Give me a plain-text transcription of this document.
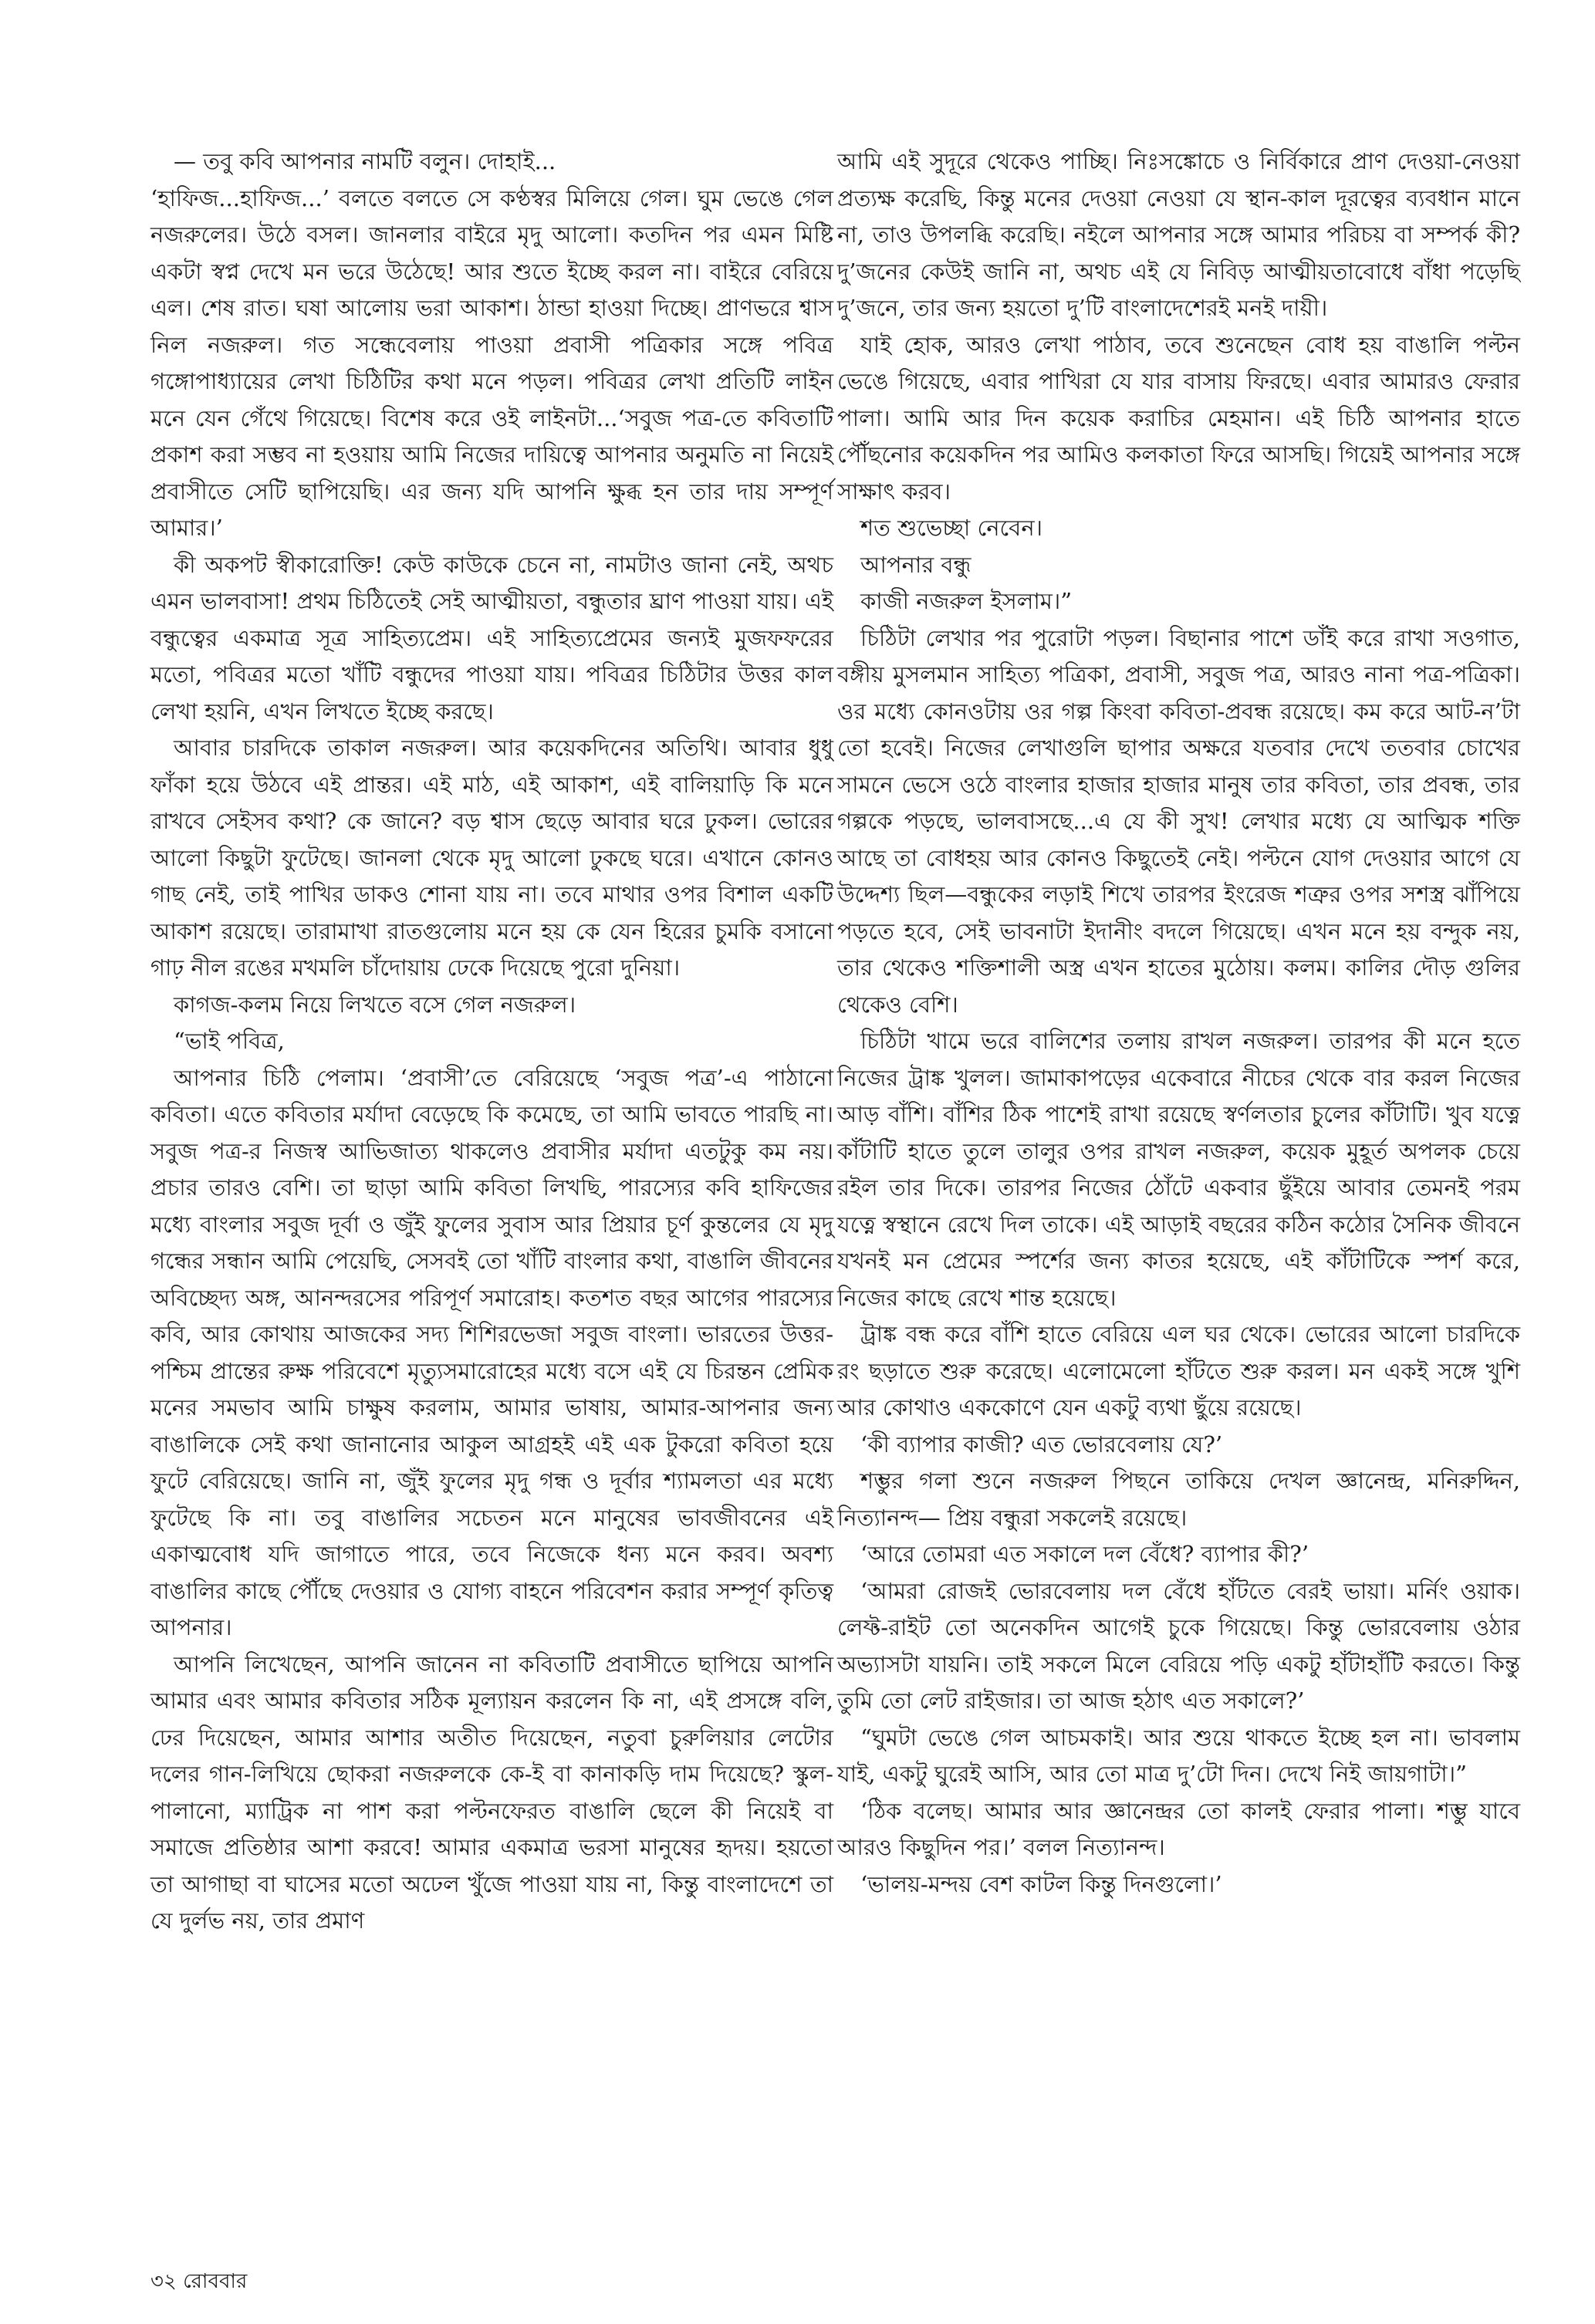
— তবু কবি আপনার নামটি বলুন। দোহাই...

‘হাফিজ...হাফিজ...’ বলতে বলতে সে কণ্ঠস্বর মিলিয়ে গেল। ঘুম ভেঙে গেল নজরুলের। উঠে বসল। জানলার বাইরে মৃদু আলো। কতদিন পর এমন মিষ্টি একটা স্বপ্ন দেখে মন ভরে উঠেছে! আর শুতে ইচ্ছে করল না। বাইরে বেরিয়ে এল। শেষ রাত। ঘষা আলোয় ভরা আকাশ। ঠান্ডা হাওয়া দিচ্ছে। প্রাণভরে শ্বাস নিল নজরুল। গত সন্ধেবেলায় পাওয়া প্রবাসী পত্রিকার সঙ্গে পবিত্র গঙ্গোপাধ্যায়ের লেখা চিঠিটির কথা মনে পড়ল। পবিত্রর লেখা প্রতিটি লাইন মনে যেন গেঁথে গিয়েছে। বিশেষ করে ওই লাইনটা...‘সবুজ পত্র-তে কবিতাটি প্রকাশ করা সম্ভব না হওয়ায় আমি নিজের দায়িত্বে আপনার অনুমতি না নিয়েই প্রবাসীতে সেটি ছাপিয়েছি। এর জন্য যদি আপনি ক্ষুব্ধ হন তার দায় সম্পূর্ণ আমার।’

কী অকপট স্বীকারোক্তি! কেউ কাউকে চেনে না, নামটাও জানা নেই, অথচ এমন ভালবাসা! প্রথম চিঠিতেই সেই আত্মীয়তা, বন্ধুতার ঘ্রাণ পাওয়া যায়। এই বন্ধুত্বের একমাত্র সূত্র সাহিত্যপ্রেম। এই সাহিত্যপ্রেমের জন্যই মুজফফরের মতো, পবিত্রর মতো খাঁটি বন্ধুদের পাওয়া যায়। পবিত্রর চিঠিটার উত্তর কাল লেখা হয়নি, এখন লিখতে ইচ্ছে করছে।

আবার চারদিকে তাকাল নজরুল। আর কয়েকদিনের অতিথি। আবার ধুধু ফাঁকা হয়ে উঠবে এই প্রান্তর। এই মাঠ, এই আকাশ, এই বালিয়াড়ি কি মনে রাখবে সেইসব কথা? কে জানে? বড় শ্বাস ছেড়ে আবার ঘরে ঢুকল। ভোরের আলো কিছুটা ফুটেছে। জানলা থেকে মৃদু আলো ঢুকছে ঘরে। এখানে কোনও গাছ নেই, তাই পাখির ডাকও শোনা যায় না। তবে মাথার ওপর বিশাল একটি আকাশ রয়েছে। তারামাখা রাতগুলোয় মনে হয় কে যেন হিরের চুমকি বসানো গাঢ় নীল রঙের মখমলি চাঁদোয়ায় ঢেকে দিয়েছে পুরো দুনিয়া।

কাগজ-কলম নিয়ে লিখতে বসে গেল নজরুল।

“ভাই পবিত্র,

আপনার চিঠি পেলাম। ‘প্রবাসী’তে বেরিয়েছে ‘সবুজ পত্র’-এ পাঠানো কবিতা। এতে কবিতার মর্যাদা বেড়েছে কি কমেছে, তা আমি ভাবতে পারছি না। সবুজ পত্র-র নিজস্ব আভিজাত্য থাকলেও প্রবাসীর মর্যাদা এতটুকু কম নয়। প্রচার তারও বেশি। তা ছাড়া আমি কবিতা লিখছি, পারস্যের কবি হাফিজের মধ্যে বাংলার সবুজ দূর্বা ও জুঁই ফুলের সুবাস আর প্রিয়ার চূর্ণ কুন্তলের যে মৃদু গন্ধের সন্ধান আমি পেয়েছি, সেসবই তো খাঁটি বাংলার কথা, বাঙালি জীবনের অবিচ্ছেদ্য অঙ্গ, আনন্দরসের পরিপূর্ণ সমারোহ। কতশত বছর আগের পারস্যের কবি, আর কোথায় আজকের সদ্য শিশিরভেজা সবুজ বাংলা। ভারতের উত্তর-পশ্চিম প্রান্তের রুক্ষ পরিবেশে মৃত্যুসমারোহের মধ্যে বসে এই যে চিরন্তন প্রেমিক মনের সমভাব আমি চাক্ষুষ করলাম, আমার ভাষায়, আমার-আপনার জন্য বাঙালিকে সেই কথা জানানোর আকুল আগ্রহই এই এক টুকরো কবিতা হয়ে ফুটে বেরিয়েছে। জানি না, জুঁই ফুলের মৃদু গন্ধ ও দূর্বার শ্যামলতা এর মধ্যে ফুটেছে কি না। তবু বাঙালির সচেতন মনে মানুষের ভাবজীবনের এই একাত্মবোধ যদি জাগাতে পারে, তবে নিজেকে ধন্য মনে করব। অবশ্য বাঙালির কাছে পৌঁছে দেওয়ার ও যোগ্য বাহনে পরিবেশন করার সম্পূর্ণ কৃতিত্ব আপনার।

আপনি লিখেছেন, আপনি জানেন না কবিতাটি প্রবাসীতে ছাপিয়ে আপনি আমার এবং আমার কবিতার সঠিক মূল্যায়ন করলেন কি না, এই প্রসঙ্গে বলি, ঢের দিয়েছেন, আমার আশার অতীত দিয়েছেন, নতুবা চুরুলিয়ার লেটোর দলের গান-লিখিয়ে ছোকরা নজরুলকে কে-ই বা কানাকড়ি দাম দিয়েছে? স্কুল-পালানো, ম্যাট্রিক না পাশ করা পল্টনফেরত বাঙালি ছেলে কী নিয়েই বা সমাজে প্রতিষ্ঠার আশা করবে! আমার একমাত্র ভরসা মানুষের হৃদয়। হয়তো তা আগাছা বা ঘাসের মতো অঢেল খুঁজে পাওয়া যায় না, কিন্তু বাংলাদেশে তা যে দুর্লভ নয়, তার প্রমাণ

আমি এই সুদূরে থেকেও পাচ্ছি। নিঃসঙ্কোচে ও নির্বিকারে প্রাণ দেওয়া-নেওয়া প্রত্যক্ষ করেছি, কিন্তু মনের দেওয়া নেওয়া যে স্থান-কাল দূরত্বের ব্যবধান মানে না, তাও উপলব্ধি করেছি। নইলে আপনার সঙ্গে আমার পরিচয় বা সম্পর্ক কী? দু’জনের কেউই জানি না, অথচ এই যে নিবিড় আত্মীয়তাবোধে বাঁধা পড়েছি দু’জনে, তার জন্য হয়তো দু’টি বাংলাদেশেরই মনই দায়ী।

যাই হোক, আরও লেখা পাঠাব, তবে শুনেছেন বোধ হয় বাঙালি পল্টন ভেঙে গিয়েছে, এবার পাখিরা যে যার বাসায় ফিরছে। এবার আমারও ফেরার পালা। আমি আর দিন কয়েক করাচির মেহমান। এই চিঠি আপনার হাতে পৌঁছনোর কয়েকদিন পর আমিও কলকাতা ফিরে আসছি। গিয়েই আপনার সঙ্গে সাক্ষাৎ করব।

শত শুভেচ্ছা নেবেন।

আপনার বন্ধু

কাজী নজরুল ইসলাম।”

চিঠিটা লেখার পর পুরোটা পড়ল। বিছানার পাশে ডাঁই করে রাখা সওগাত, বঙ্গীয় মুসলমান সাহিত্য পত্রিকা, প্রবাসী, সবুজ পত্র, আরও নানা পত্র-পত্রিকা। ওর মধ্যে কোনওটায় ওর গল্প কিংবা কবিতা-প্রবন্ধ রয়েছে। কম করে আট-ন’টা তো হবেই। নিজের লেখাগুলি ছাপার অক্ষরে যতবার দেখে ততবার চোখের সামনে ভেসে ওঠে বাংলার হাজার হাজার মানুষ তার কবিতা, তার প্রবন্ধ, তার গল্পকে পড়ছে, ভালবাসছে...এ যে কী সুখ! লেখার মধ্যে যে আত্মিক শক্তি আছে তা বোধহয় আর কোনও কিছুতেই নেই। পল্টনে যোগ দেওয়ার আগে যে উদ্দেশ্য ছিল—বন্ধুকের লড়াই শিখে তারপর ইংরেজ শত্রুর ওপর সশস্ত্র ঝাঁপিয়ে পড়তে হবে, সেই ভাবনাটা ইদানীং বদলে গিয়েছে। এখন মনে হয় বন্দুক নয়, তার থেকেও শক্তিশালী অস্ত্র এখন হাতের মুঠোয়। কলম। কালির দৌড় গুলির থেকেও বেশি।

চিঠিটা খামে ভরে বালিশের তলায় রাখল নজরুল। তারপর কী মনে হতে নিজের ট্রাঙ্ক খুলল। জামাকাপড়ের একেবারে নীচের থেকে বার করল নিজের আড় বাঁশি। বাঁশির ঠিক পাশেই রাখা রয়েছে স্বর্ণলতার চুলের কাঁটাটি। খুব যত্নে কাঁটাটি হাতে তুলে তালুর ওপর রাখল নজরুল, কয়েক মুহূর্ত অপলক চেয়ে রইল তার দিকে। তারপর নিজের ঠোঁটে একবার ছুঁইয়ে আবার তেমনই পরম যত্নে স্বস্থানে রেখে দিল তাকে। এই আড়াই বছরের কঠিন কঠোর সৈনিক জীবনে যখনই মন প্রেমের স্পর্শের জন্য কাতর হয়েছে, এই কাঁটাটিকে স্পর্শ করে, নিজের কাছে রেখে শান্ত হয়েছে।

ট্রাঙ্ক বন্ধ করে বাঁশি হাতে বেরিয়ে এল ঘর থেকে। ভোরের আলো চারদিকে রং ছড়াতে শুরু করেছে। এলোমেলো হাঁটতে শুরু করল। মন একই সঙ্গে খুশি আর কোথাও এককোণে যেন একটু ব্যথা ছুঁয়ে রয়েছে।

‘কী ব্যাপার কাজী? এত ভোরবেলায় যে?’

শম্ভুর গলা শুনে নজরুল পিছনে তাকিয়ে দেখল জ্ঞানেন্দ্র, মনিরুদ্দিন, নিত্যানন্দ— প্রিয় বন্ধুরা সকলেই রয়েছে।

‘আরে তোমরা এত সকালে দল বেঁধে? ব্যাপার কী?’

‘আমরা রোজই ভোরবেলায় দল বেঁধে হাঁটতে বেরই ভায়া। মর্নিং ওয়াক। লেফ্ট-রাইট তো অনেকদিন আগেই চুকে গিয়েছে। কিন্তু ভোরবেলায় ওঠার অভ্যাসটা যায়নি। তাই সকলে মিলে বেরিয়ে পড়ি একটু হাঁটাহাঁটি করতে। কিন্তু তুমি তো লেট রাইজার। তা আজ হঠাৎ এত সকালে?’

“ঘুমটা ভেঙে গেল আচমকাই। আর শুয়ে থাকতে ইচ্ছে হল না। ভাবলাম যাই, একটু ঘুরেই আসি, আর তো মাত্র দু’টো দিন। দেখে নিই জায়গাটা।”

‘ঠিক বলেছ। আমার আর জ্ঞানেন্দ্রর তো কালই ফেরার পালা। শম্ভু যাবে আরও কিছুদিন পর।’ বলল নিত্যানন্দ।

‘ভালয়-মন্দয় বেশ কাটল কিন্তু দিনগুলো।’

৩২ রোববার
